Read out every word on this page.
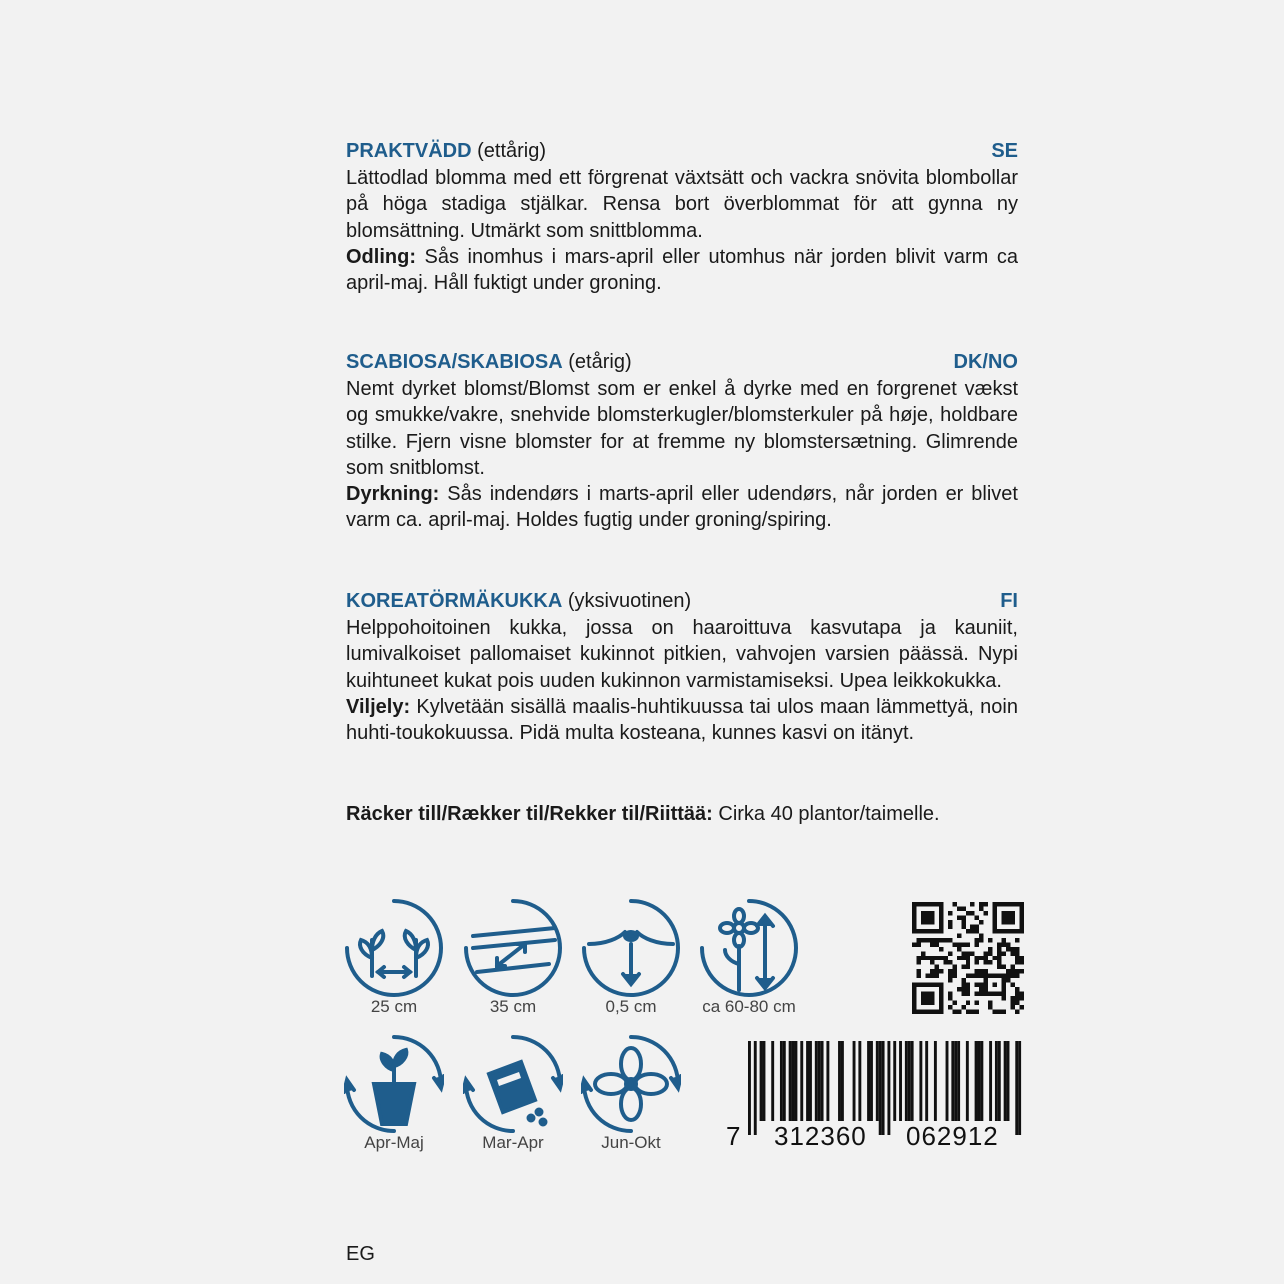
PRAKTVÄDD (ettårig)	SE
Lättodlad blomma med ett förgrenat växtsätt och vackra snövita blombollar på höga stadiga stjälkar. Rensa bort överblommat för att gynna ny blomsättning. Utmärkt som snittblomma.
Odling: Sås inomhus i mars-april eller utomhus när jorden blivit varm ca april-maj. Håll fuktigt under groning.
SCABIOSA/SKABIOSA (etårig)	DK/NO
Nemt dyrket blomst/Blomst som er enkel å dyrke med en forgrenet vækst og smukke/vakre, snehvide blomsterkugler/blomsterkuler på høje, holdbare stilke. Fjern visne blomster for at fremme ny blomstersætning. Glimrende som snitblomst.
Dyrkning: Sås indendørs i marts-april eller udendørs, når jorden er blivet varm ca. april-maj. Holdes fugtig under groning/spiring.
KOREATÖRMÄKUKKA (yksivuotinen)	FI
Helppohoitoinen kukka, jossa on haaroittuva kasvutapa ja kauniit, lumivalkoiset pallomaiset kukinnot pitkien, vahvojen varsien päässä. Nypi kuihtuneet kukat pois uuden kukinnon varmistamiseksi. Upea leikkokukka.
Viljely: Kylvetään sisällä maalis-huhtikuussa tai ulos maan lämmettyä, noin huhti-toukokuussa. Pidä multa kosteana, kunnes kasvi on itänyt.
Räcker till/Rækker til/Rekker til/Riittää: Cirka 40 plantor/taimelle.
25 cm	35 cm	0,5 cm	ca 60-80 cm
Apr-Maj	Mar-Apr	Jun-Okt	7 312360 062912
EG
